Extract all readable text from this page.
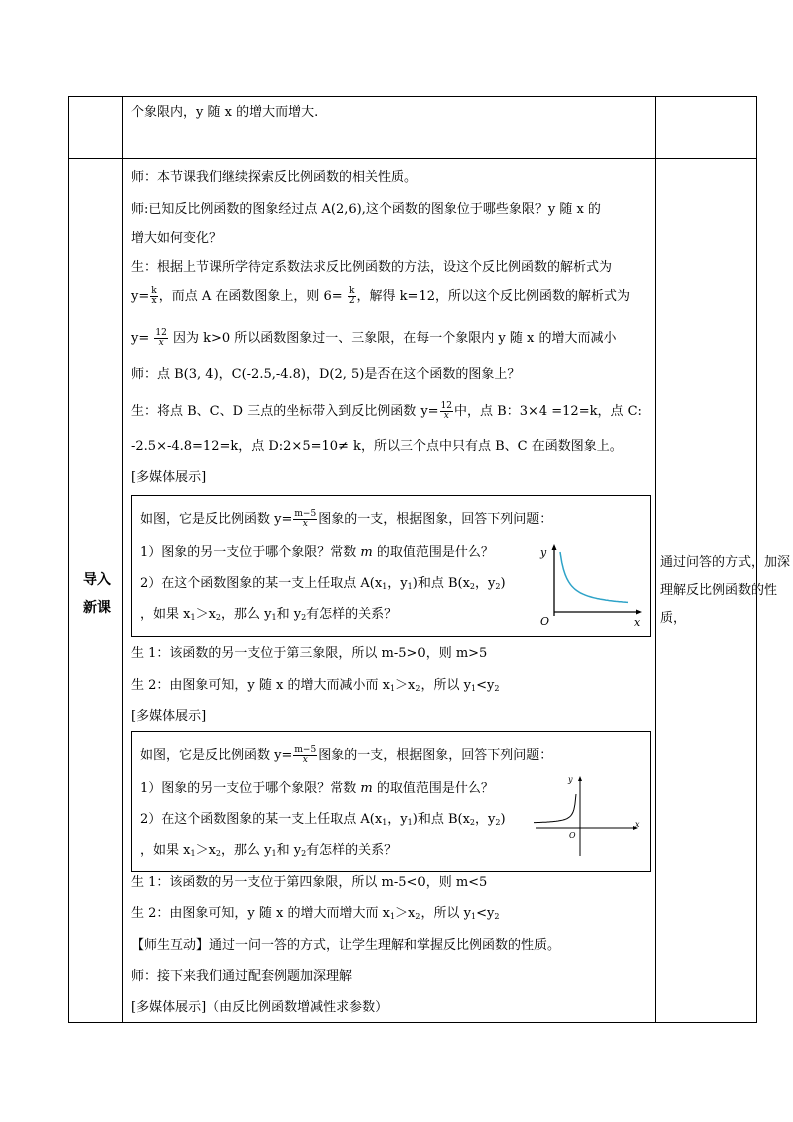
个象限内，y 随 x 的增大而增大.
导入
新课
通过问答的方式，加深理解反比例函数的性质，
师：本节课我们继续探索反比例函数的相关性质。
师:已知反比例函数的图象经过点 A(2,6),这个函数的图象位于哪些象限？y 随 x 的
增大如何变化？
生：根据上节课所学待定系数法求反比例函数的方法，设这个反比例函数的解析式为
$y= \frac{k}{x}$ ，而点 A 在函数图象上，则 $6= \frac{k}{2}$ ，解得 k=12，所以这个反比例函数的解析式为
$y= \frac{12}{x}$ 因为 k>0 所以函数图象过一、三象限，在每一个象限内 y 随 x 的增大而减小
师：点 B(3, 4)，C(-2.5,-4.8)，D(2, 5)是否在这个函数的图象上？
生：将点 B、C、D 三点的坐标带入到反比例函数 $y= \frac{12}{x}$ 中，点 B：3×4 =12=k，点 C:
-2.5×-4.8=12=k，点 D:2×5=10≠ k，所以三个点中只有点 B、C 在函数图象上。
[多媒体展示]
如图，它是反比例函数 $y= \frac{m-5}{x}$ 图象的一支，根据图象，回答下列问题：
1）图象的另一支位于哪个象限？常数 m 的取值范围是什么？
2）在这个函数图象的某一支上任取点 $A(x_1$，$y_1$)和点 $B(x_2$，$y_2$)
，如果 $x_1>x_2$，那么 $y_1$和 $y_2$有怎样的关系？
y
x
O
生 1：该函数的另一支位于第三象限，所以 m-5>0，则 m>5
生 2：由图象可知，y 随 x 的增大而减小而 $x_1>x_2$，所以 $y_1<y_2$
[多媒体展示]
如图，它是反比例函数 $y= \frac{m-5}{x}$ 图象的一支，根据图象，回答下列问题：
1）图象的另一支位于哪个象限？常数 m 的取值范围是什么？
2）在这个函数图象的某一支上任取点 $A(x_1$，$y_1$)和点 $B(x_2$，$y_2$)
，如果 $x_1>x_2$，那么 $y_1$和 $y_2$有怎样的关系？
y
x
O
生 1：该函数的另一支位于第四象限，所以 m-5<0，则 m<5
生 2：由图象可知，y 随 x 的增大而增大而 $x_1>x_2$，所以 $y_1<y_2$
【师生互动】通过一问一答的方式，让学生理解和掌握反比例函数的性质。
师：接下来我们通过配套例题加深理解
[多媒体展示]（由反比例函数增减性求参数）
